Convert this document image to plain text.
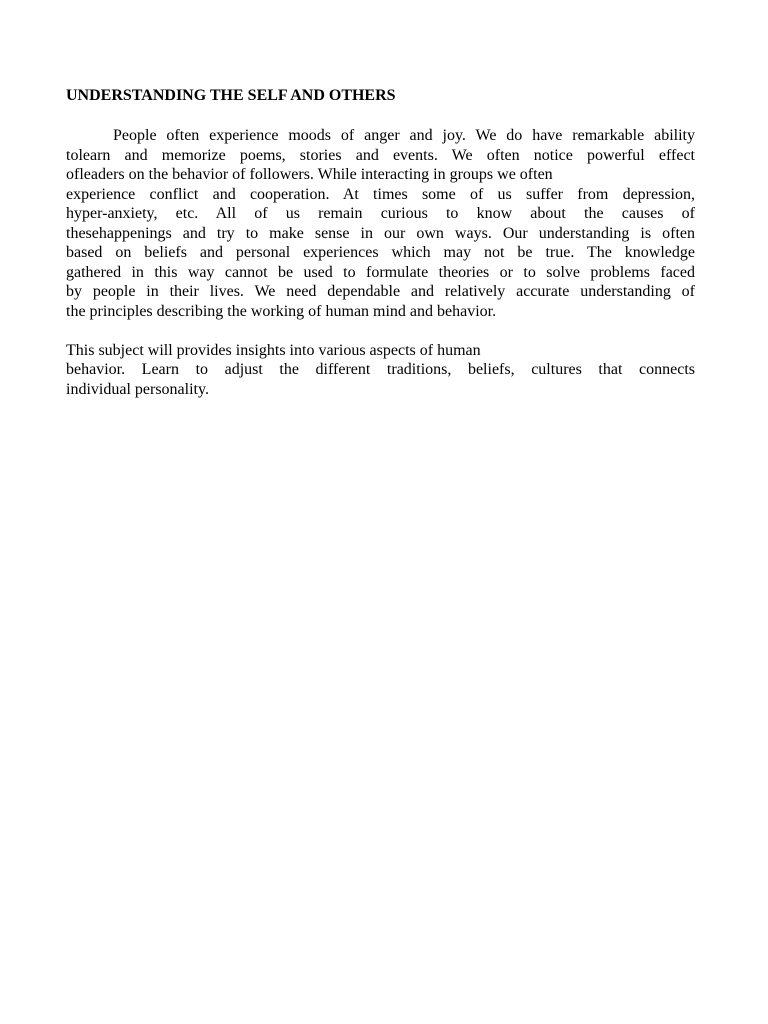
UNDERSTANDING THE SELF AND OTHERS
People often experience moods of anger and joy. We do have remarkable ability
tolearn and memorize poems, stories and events. We often notice powerful effect
ofleaders on the behavior of followers. While interacting in groups we often
experience conflict and cooperation. At times some of us suffer from depression,
hyper-anxiety, etc. All of us remain curious to know about the causes of
thesehappenings and try to make sense in our own ways. Our understanding is often
based on beliefs and personal experiences which may not be true. The knowledge
gathered in this way cannot be used to formulate theories or to solve problems faced
by people in their lives. We need dependable and relatively accurate understanding of
the principles describing the working of human mind and behavior.
This subject will provides insights into various aspects of human
behavior. Learn to adjust the different traditions, beliefs, cultures that connects
individual personality.
